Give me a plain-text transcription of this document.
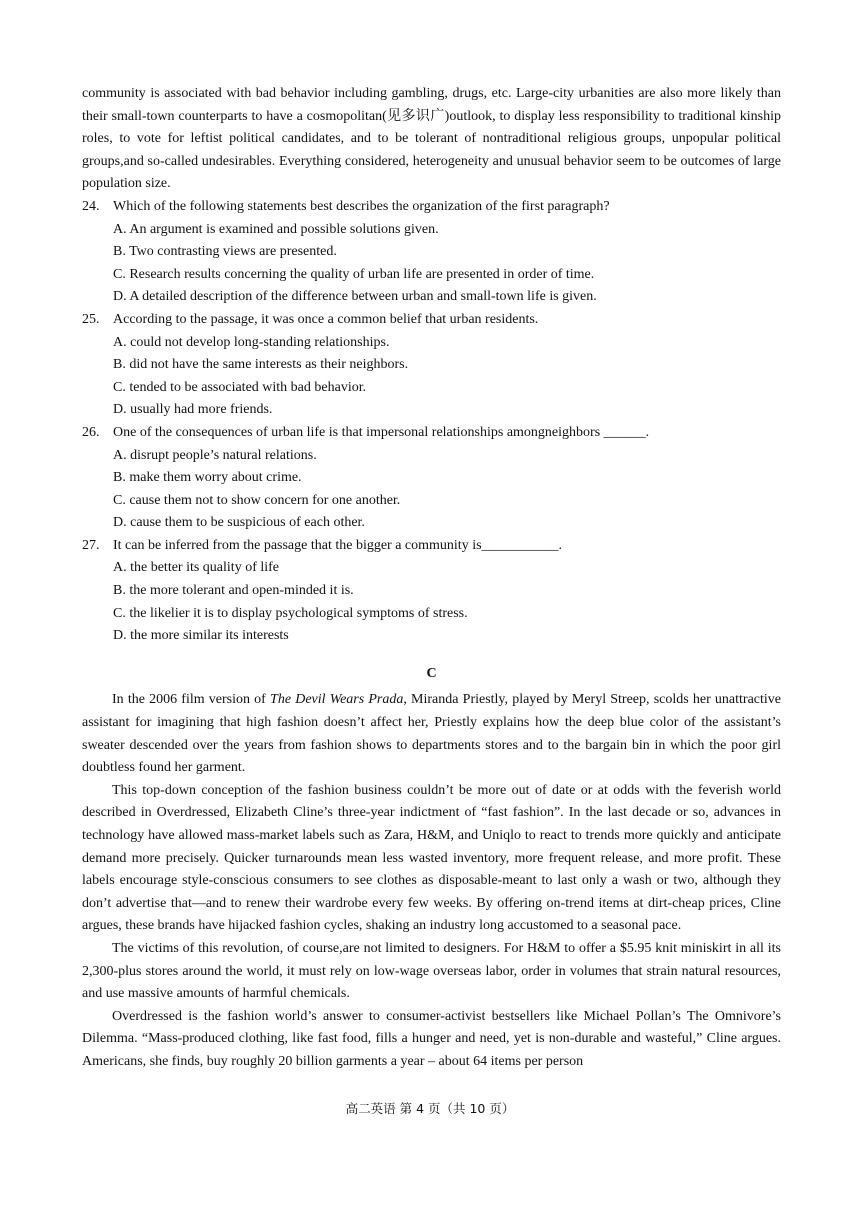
community is associated with bad behavior including gambling, drugs, etc. Large-city urbanities are also more likely than their small-town counterparts to have a cosmopolitan(见多识广)outlook, to display less responsibility to traditional kinship roles, to vote for leftist political candidates, and to be tolerant of nontraditional religious groups, unpopular political groups,and so-called undesirables. Everything considered, heterogeneity and unusual behavior seem to be outcomes of large population size.

24. Which of the following statements best describes the organization of the first paragraph?

A. An argument is examined and possible solutions given.

B. Two contrasting views are presented.

C. Research results concerning the quality of urban life are presented in order of time.

D. A detailed description of the difference between urban and small-town life is given.

25. According to the passage, it was once a common belief that urban residents.

A. could not develop long-standing relationships.

B. did not have the same interests as their neighbors.

C. tended to be associated with bad behavior.

D. usually had more friends.

26. One of the consequences of urban life is that impersonal relationships amongneighbors ______.

A. disrupt people’s natural relations.

B. make them worry about crime.

C. cause them not to show concern for one another.

D. cause them to be suspicious of each other.

27. It can be inferred from the passage that the bigger a community is___________.

A. the better its quality of life

B. the more tolerant and open-minded it is.

C. the likelier it is to display psychological symptoms of stress.

D. the more similar its interests

C

In the 2006 film version of The Devil Wears Prada, Miranda Priestly, played by Meryl Streep, scolds her unattractive assistant for imagining that high fashion doesn’t affect her, Priestly explains how the deep blue color of the assistant’s sweater descended over the years from fashion shows to departments stores and to the bargain bin in which the poor girl doubtless found her garment.

This top-down conception of the fashion business couldn’t be more out of date or at odds with the feverish world described in Overdressed, Elizabeth Cline’s three-year indictment of “fast fashion”. In the last decade or so, advances in technology have allowed mass-market labels such as Zara, H&M, and Uniqlo to react to trends more quickly and anticipate demand more precisely. Quicker turnarounds mean less wasted inventory, more frequent release, and more profit. These labels encourage style-conscious consumers to see clothes as disposable-meant to last only a wash or two, although they don’t advertise that—and to renew their wardrobe every few weeks. By offering on-trend items at dirt-cheap prices, Cline argues, these brands have hijacked fashion cycles, shaking an industry long accustomed to a seasonal pace.

The victims of this revolution, of course,are not limited to designers. For H&M to offer a $5.95 knit miniskirt in all its 2,300-plus stores around the world, it must rely on low-wage overseas labor, order in volumes that strain natural resources, and use massive amounts of harmful chemicals.

Overdressed is the fashion world’s answer to consumer-activist bestsellers like Michael Pollan’s The Omnivore’s Dilemma. “Mass-produced clothing, like fast food, fills a hunger and need, yet is non-durable and wasteful,” Cline argues. Americans, she finds, buy roughly 20 billion garments a year – about 64 items per person

高二英语 第 4 页（共 10 页）
